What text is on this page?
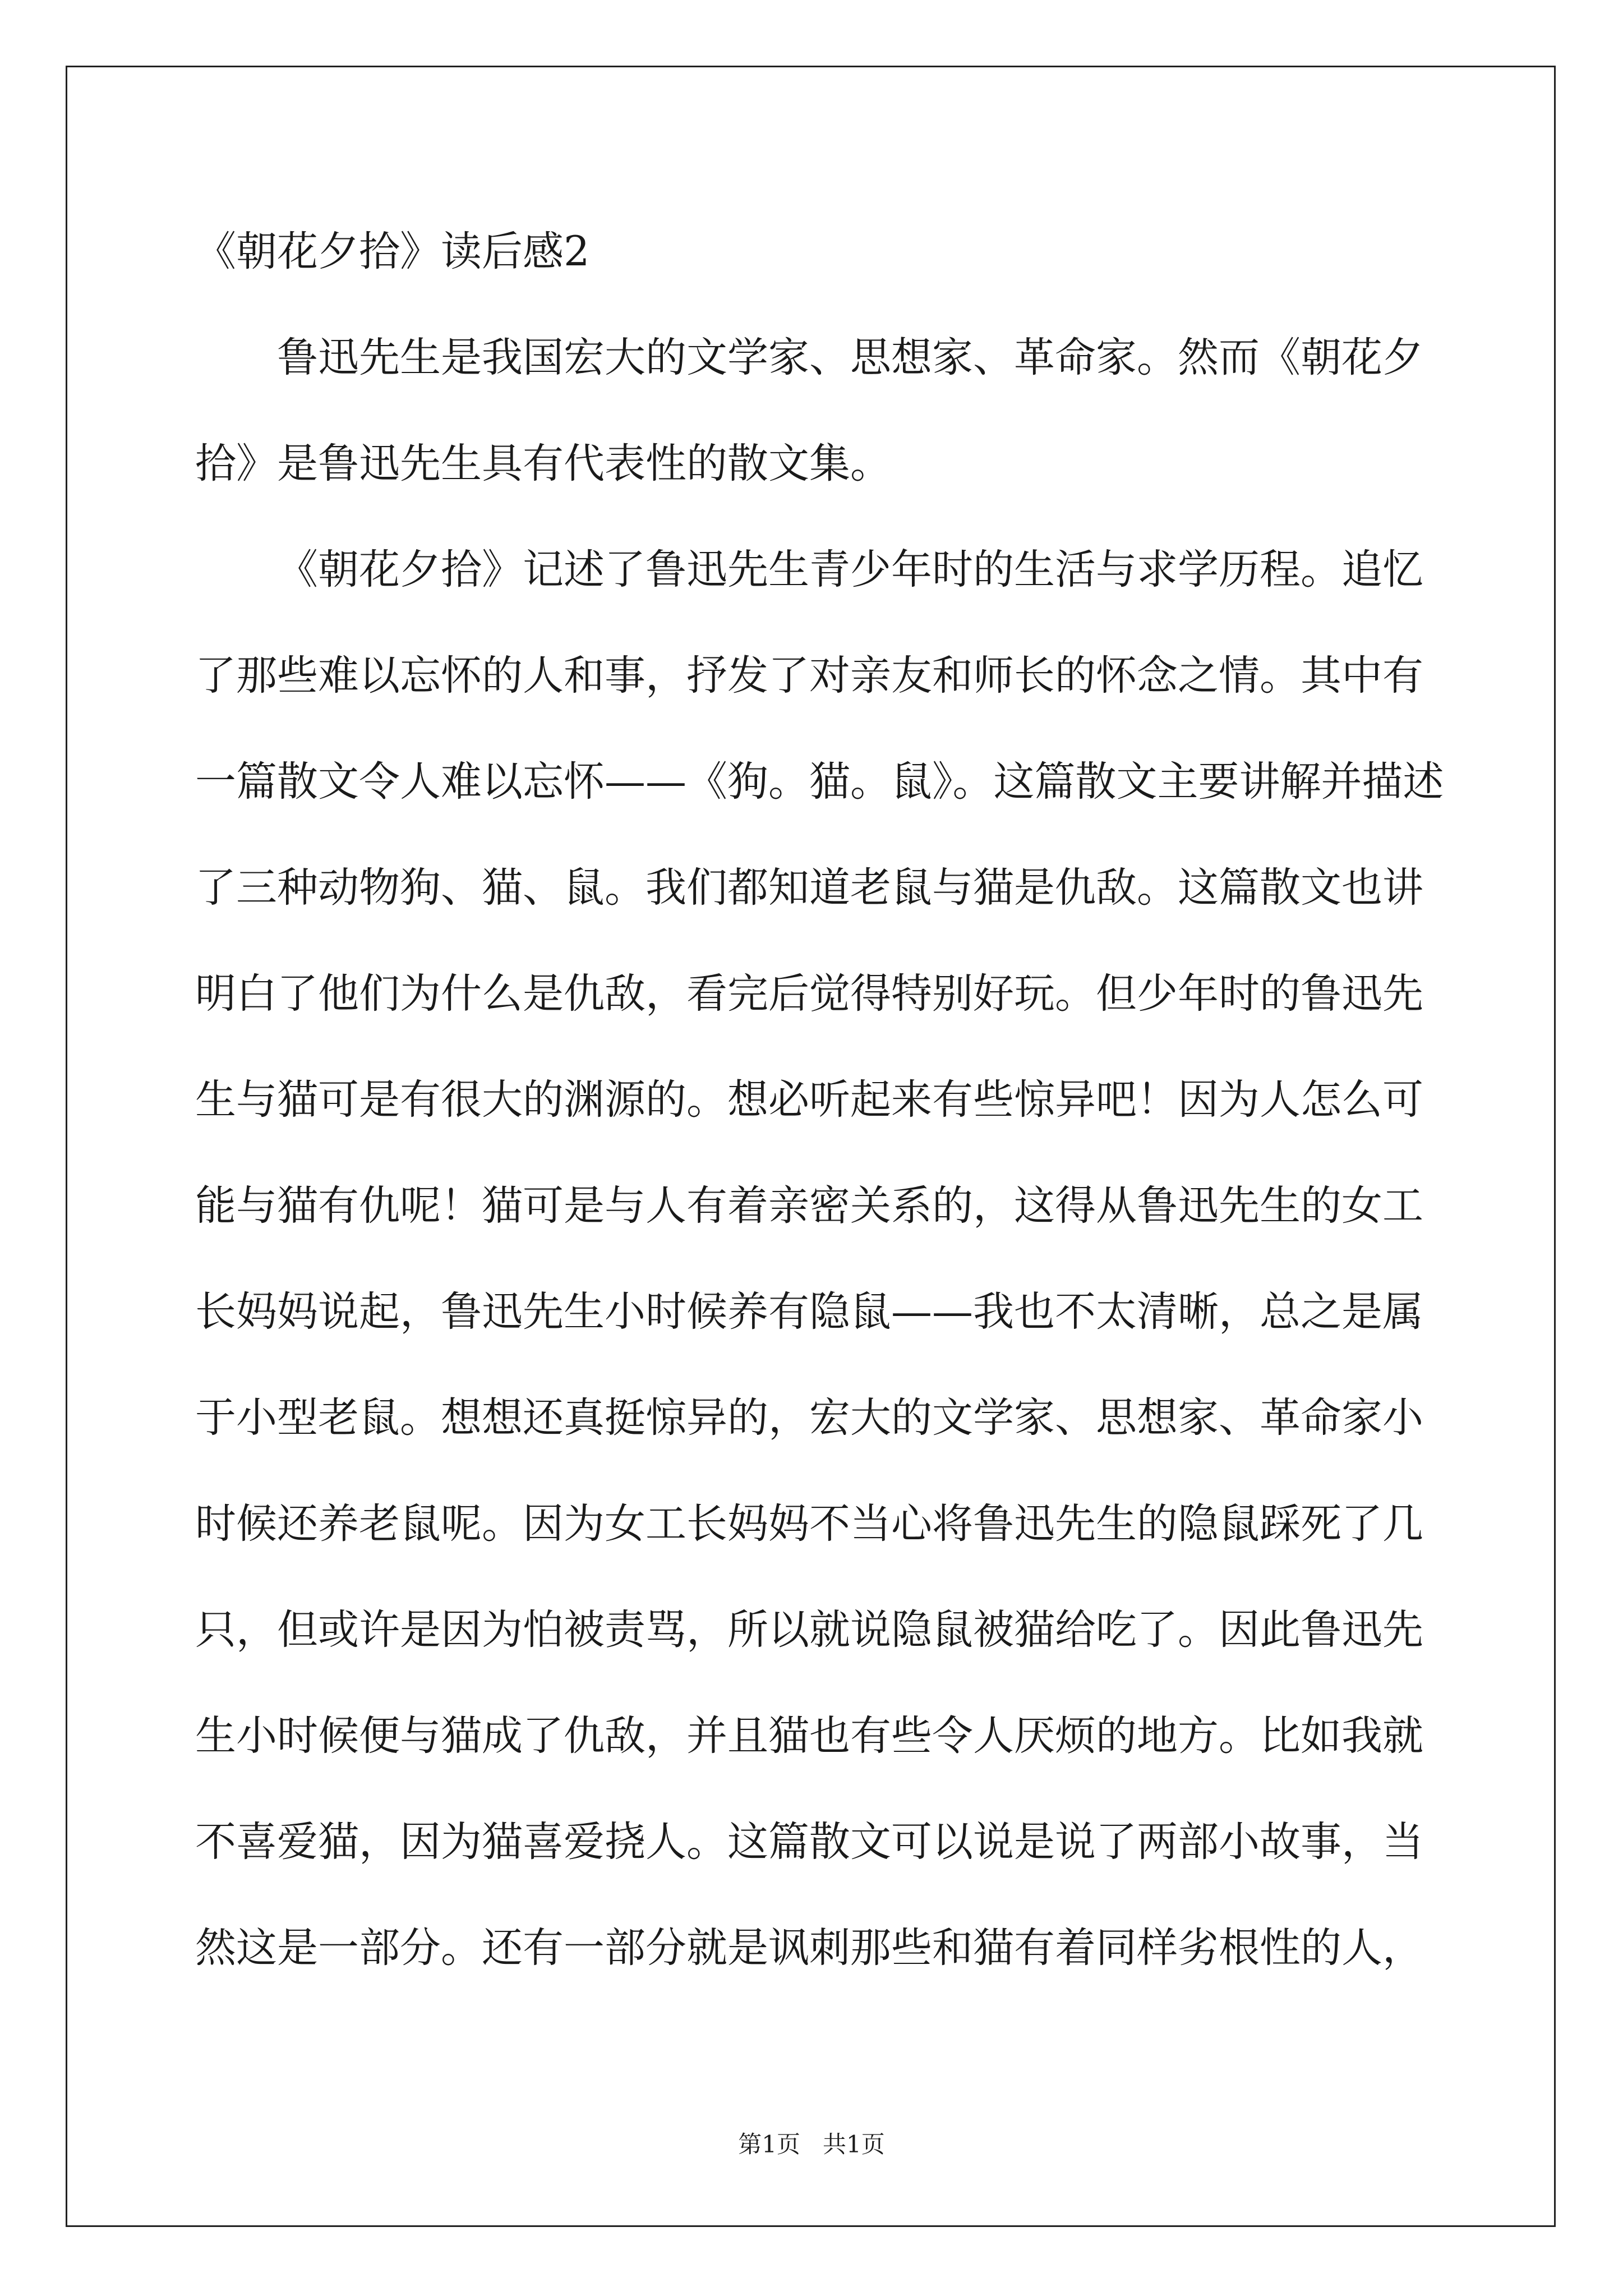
《朝花夕拾》读后感2
鲁迅先生是我国宏大的文学家、思想家、革命家。然而《朝花夕
拾》是鲁迅先生具有代表性的散文集。
《朝花夕拾》记述了鲁迅先生青少年时的生活与求学历程。追忆
了那些难以忘怀的人和事，抒发了对亲友和师长的怀念之情。其中有
一篇散文令人难以忘怀——《狗。猫。鼠》。这篇散文主要讲解并描述
了三种动物狗、猫、鼠。我们都知道老鼠与猫是仇敌。这篇散文也讲
明白了他们为什么是仇敌，看完后觉得特别好玩。但少年时的鲁迅先
生与猫可是有很大的渊源的。想必听起来有些惊异吧！因为人怎么可
能与猫有仇呢！猫可是与人有着亲密关系的，这得从鲁迅先生的女工
长妈妈说起，鲁迅先生小时候养有隐鼠——我也不太清晰，总之是属
于小型老鼠。想想还真挺惊异的，宏大的文学家、思想家、革命家小
时候还养老鼠呢。因为女工长妈妈不当心将鲁迅先生的隐鼠踩死了几
只，但或许是因为怕被责骂，所以就说隐鼠被猫给吃了。因此鲁迅先
生小时候便与猫成了仇敌，并且猫也有些令人厌烦的地方。比如我就
不喜爱猫，因为猫喜爱挠人。这篇散文可以说是说了两部小故事，当
然这是一部分。还有一部分就是讽刺那些和猫有着同样劣根性的人，
第1页 共1页
